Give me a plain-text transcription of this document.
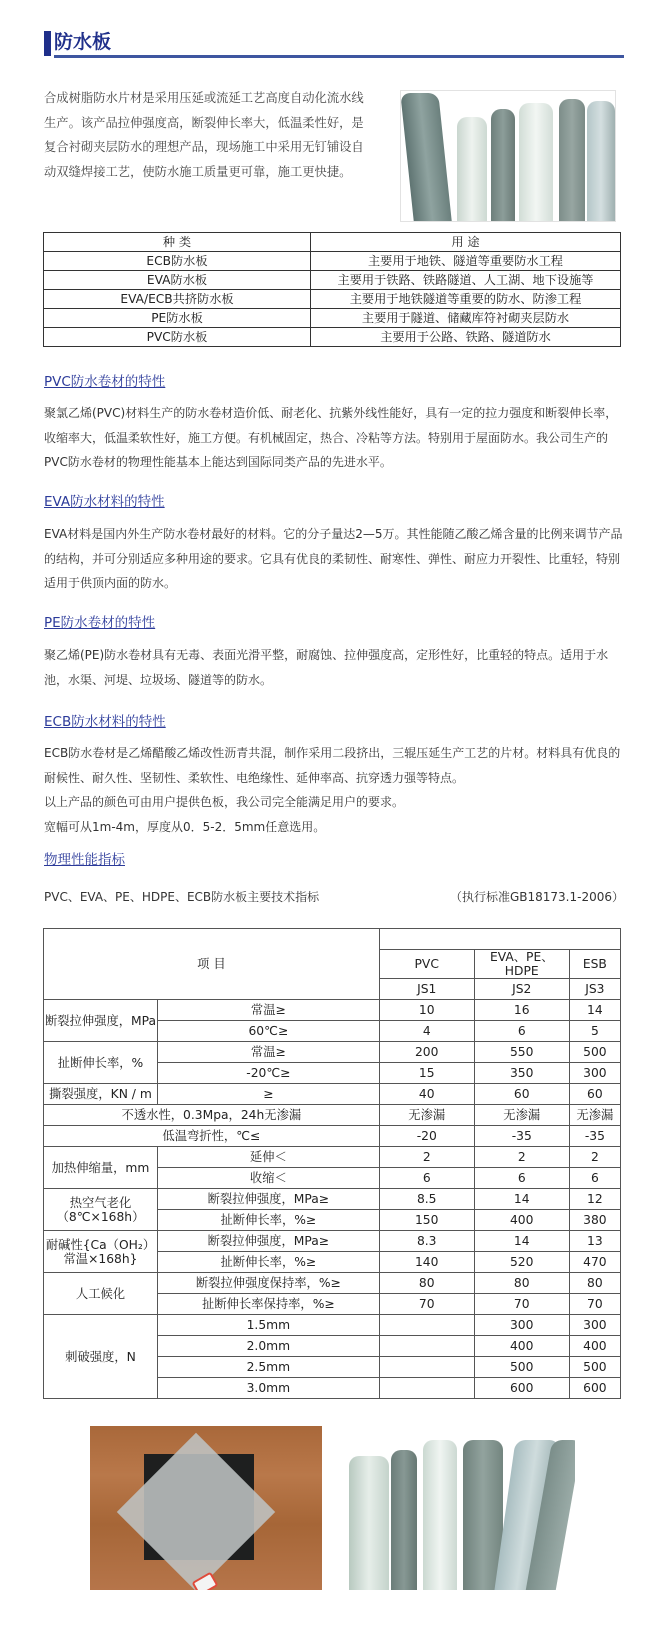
防水板
合成树脂防水片材是采用压延或流延工艺高度自动化流水线生产。该产品拉伸强度高，断裂伸长率大，低温柔性好，是复合衬砌夹层防水的理想产品，现场施工中采用无钉铺设自动双缝焊接工艺，使防水施工质量更可靠，施工更快捷。
种 类	用 途
ECB防水板	主要用于地铁、隧道等重要防水工程
EVA防水板	主要用于铁路、铁路隧道、人工湖、地下设施等
EVA/ECB共挤防水板	主要用于地铁隧道等重要的防水、防渗工程
PE防水板	主要用于隧道、储藏库符衬砌夹层防水
PVC防水板	主要用于公路、铁路、隧道防水
PVC防水卷材的特性
聚氯乙烯(PVC)材料生产的防水卷材造价低、耐老化、抗紫外线性能好，具有一定的拉力强度和断裂伸长率，收缩率大，低温柔软性好，施工方便。有机械固定，热合、冷粘等方法。特别用于屋面防水。我公司生产的PVC防水卷材的物理性能基本上能达到国际同类产品的先进水平。
EVA防水材料的特性
EVA材料是国内外生产防水卷材最好的材料。它的分子量达2—5万。其性能随乙酸乙烯含量的比例来调节产品的结构，并可分别适应多种用途的要求。它具有优良的柔韧性、耐寒性、弹性、耐应力开裂性、比重轻，特别适用于供顶内面的防水。
PE防水卷材的特性
聚乙烯(PE)防水卷材具有无毒、表面光滑平整，耐腐蚀、拉伸强度高，定形性好，比重轻的特点。适用于水池，水渠、河堤、垃圾场、隧道等的防水。
ECB防水材料的特性
ECB防水卷材是乙烯醋酸乙烯改性沥青共混，制作采用二段挤出，三辊压延生产工艺的片材。材料具有优良的耐候性、耐久性、坚韧性、柔软性、电绝缘性、延伸率高、抗穿透力强等特点。
以上产品的颜色可由用户提供色板，我公司完全能满足用户的要求。
宽幅可从1m-4m，厚度从0．5-2．5mm任意选用。
物理性能指标
PVC、EVA、PE、HDPE、ECB防水板主要技术指标	（执行标准GB18173.1-2006）
项 目				
		PVC	EVA、PE、HDPE	ESB
		JS1	JS2	JS3

断裂拉伸强度，MPa	常温≥	10	16	14
	60℃≥	4	6	5

扯断伸长率，%	常温≥	200	550	500
	-20℃≥	15	350	300

撕裂强度，KN / m	≥	40	60	60
不透水性，0.3Mpa，24h无渗漏		无渗漏	无渗漏	无渗漏
低温弯折性，℃≤		-20	-35	-35

加热伸缩量，mm	延伸＜	2	2	2
	收缩＜	6	6	6

热空气老化
（8℃×168h）	断裂拉伸强度，MPa≥	8.5	14	12
	扯断伸长率，%≥	150	400	380

耐碱性{Ca（OH₂）
常温×168h}	断裂拉伸强度，MPa≥	8.3	14	13
	扯断伸长率，%≥	140	520	470

人工候化	断裂拉伸强度保持率，%≥	80	80	80
	扯断伸长率保持率，%≥	70	70	70

刺破强度，N	1.5mm		300	300
	2.0mm		400	400
	2.5mm		500	500
	3.0mm		600	600
